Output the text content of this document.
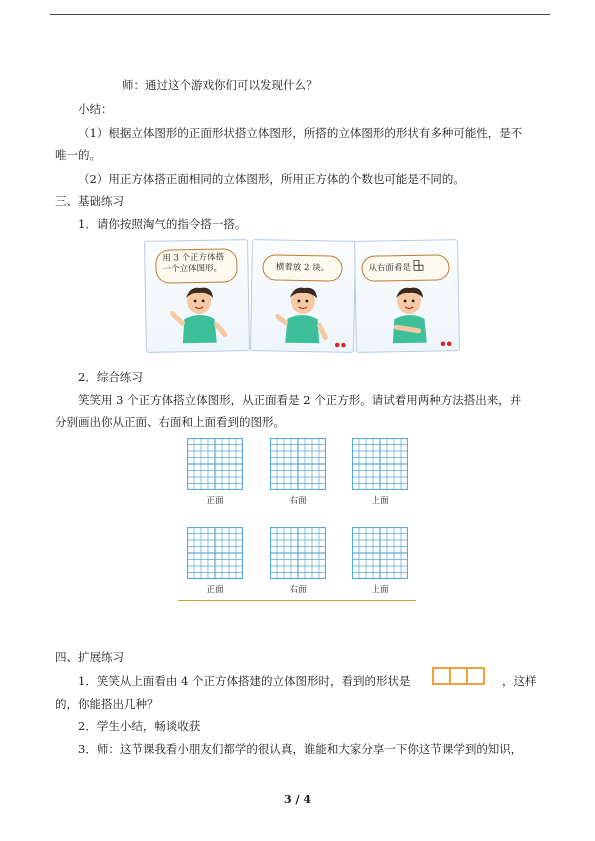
师：通过这个游戏你们可以发现什么？
小结：
（1）根据立体图形的正面形状搭立体图形，所搭的立体图形的形状有多种可能性，是不
唯一的。
（2）用正方体搭正面相同的立体图形，所用正方体的个数也可能是不同的。
三、基础练习
1．请你按照淘气的指令搭一搭。
用 3 个正方体搭一个立体图形。	横着放 2 块。
●●
从右面看是
●●
2．综合练习
笑笑用 3 个正方体搭立体图形，从正面看是 2 个正方形。请试着用两种方法搭出来，并
分别画出你从正面、右面和上面看到的图形。
正面	右面	上面
正面	右面	上面
四、扩展练习
1．笑笑从上面看由 4 个正方体搭建的立体图形时，看到的形状是	，这样
的，你能搭出几种？
2．学生小结，畅谈收获
3．师：这节课我看小朋友们都学的很认真，谁能和大家分享一下你这节课学到的知识，
3 / 4
